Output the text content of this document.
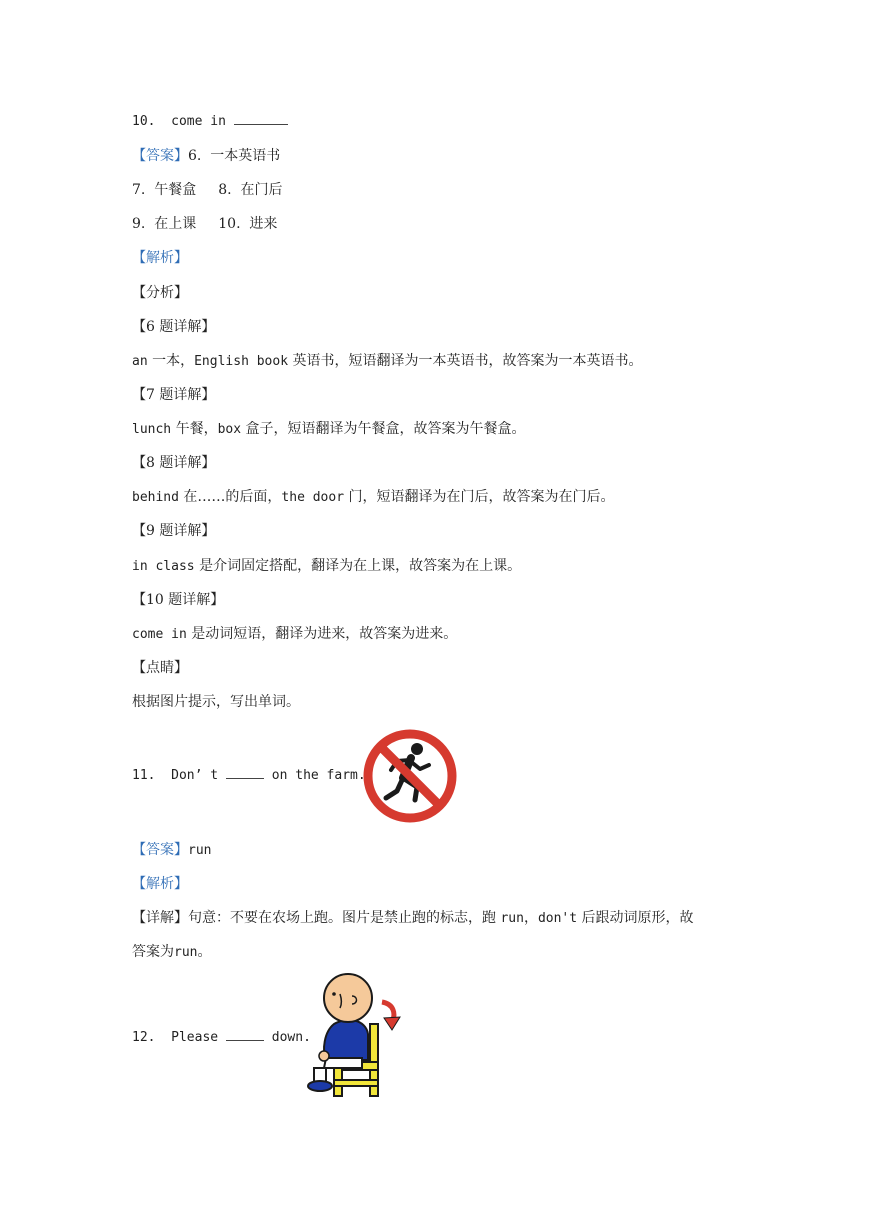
10. come in

【答案】6.  一本英语书

7.  午餐盒 8.  在门后

9.  在上课 10.  进来

【解析】

【分析】

【6 题详解】

an 一本，English book 英语书，短语翻译为一本英语书，故答案为一本英语书。

【7 题详解】

lunch 午餐，box 盒子，短语翻译为午餐盒，故答案为午餐盒。

【8 题详解】

behind 在……的后面，the door 门，短语翻译为在门后，故答案为在门后。

【9 题详解】

in class 是介词固定搭配，翻译为在上课，故答案为在上课。

【10 题详解】

come in 是动词短语，翻译为进来，故答案为进来。

【点睛】

根据图片提示，写出单词。

11. Don’ t	on the farm.

【答案】run

【解析】

【详解】句意：不要在农场上跑。图片是禁止跑的标志，跑 run，don't 后跟动词原形，故

答案为run。

12. Please	down.
